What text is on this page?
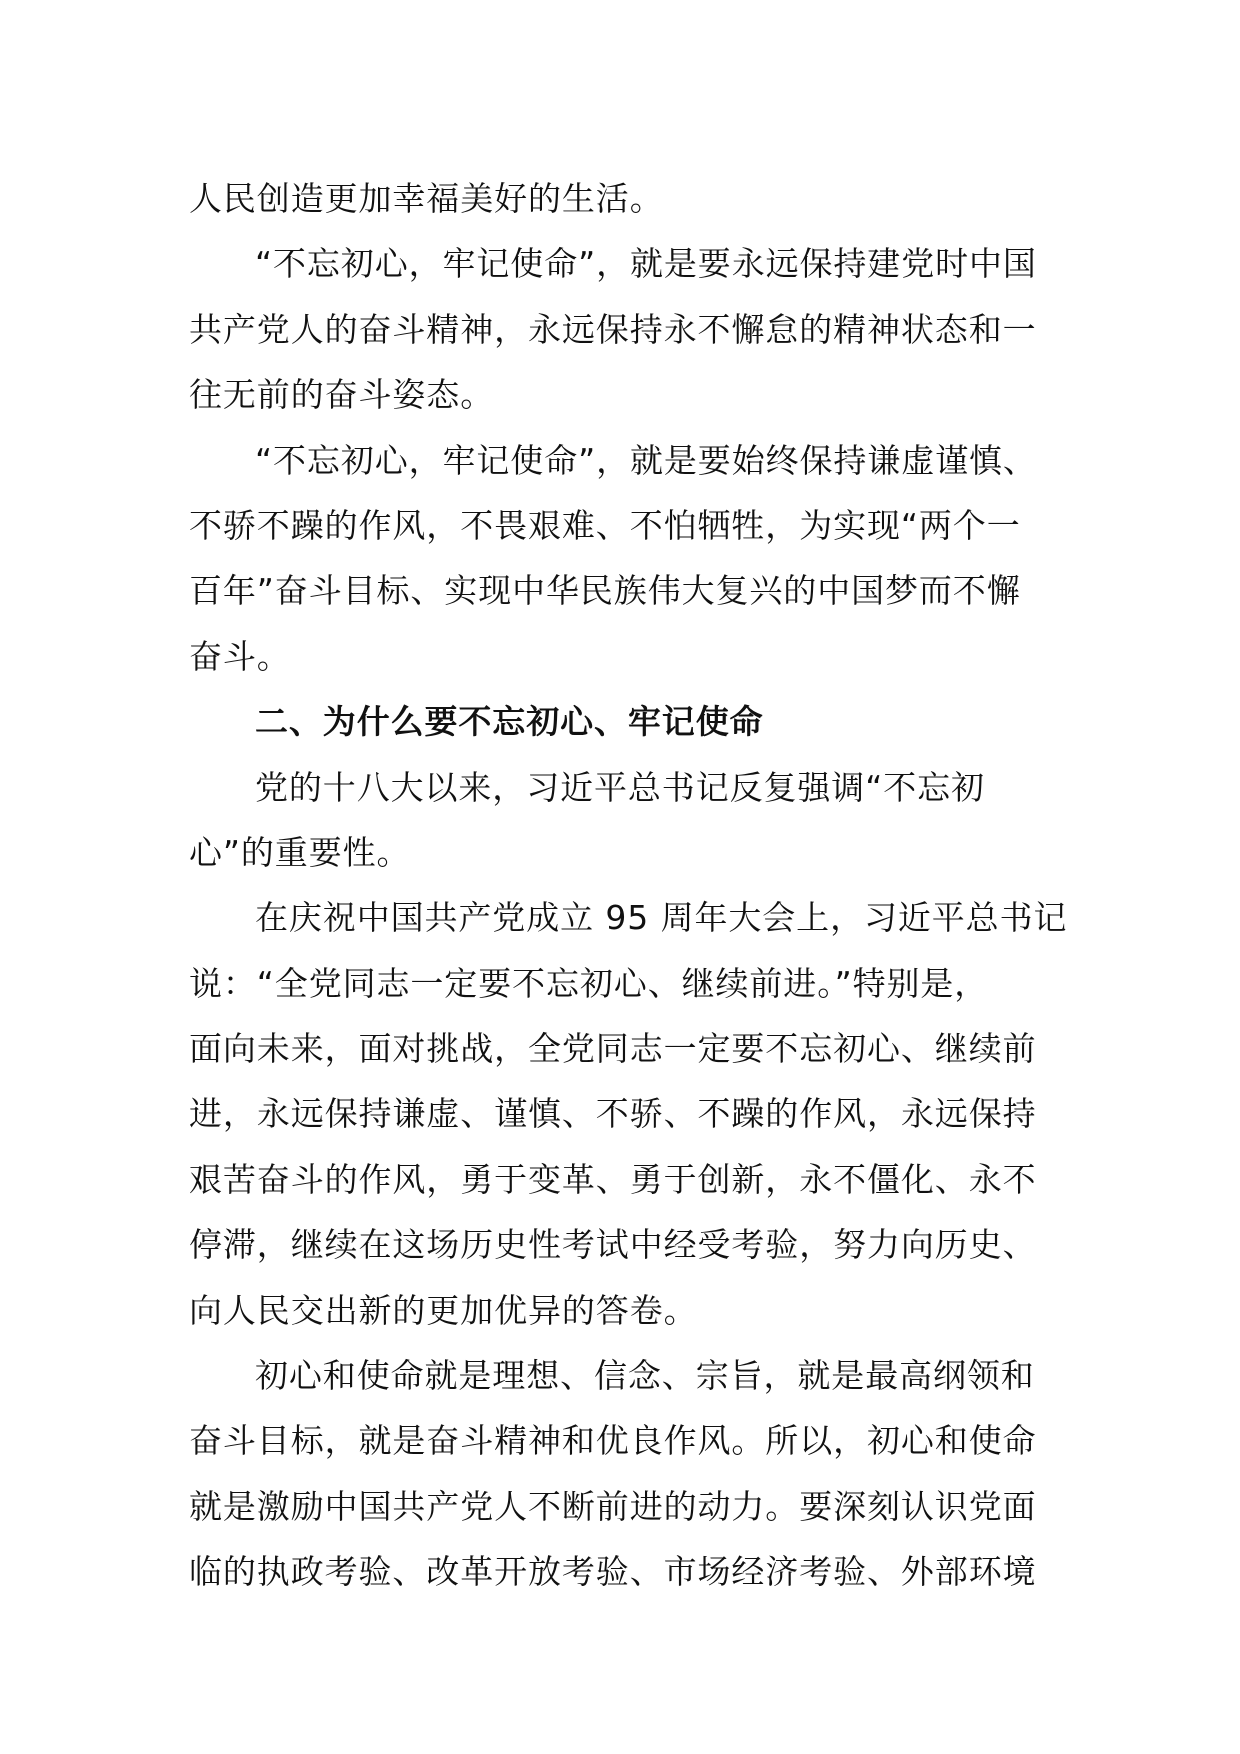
人民创造更加幸福美好的生活。
“不忘初心，牢记使命”，就是要永远保持建党时中国
共产党人的奋斗精神，永远保持永不懈怠的精神状态和一
往无前的奋斗姿态。
“不忘初心，牢记使命”，就是要始终保持谦虚谨慎、
不骄不躁的作风，不畏艰难、不怕牺牲，为实现“两个一
百年”奋斗目标、实现中华民族伟大复兴的中国梦而不懈
奋斗。
二、为什么要不忘初心、牢记使命
党的十八大以来，习近平总书记反复强调“不忘初
心”的重要性。
在庆祝中国共产党成立 95 周年大会上，习近平总书记
说：“全党同志一定要不忘初心、继续前进。”特别是，
面向未来，面对挑战，全党同志一定要不忘初心、继续前
进，永远保持谦虚、谨慎、不骄、不躁的作风，永远保持
艰苦奋斗的作风，勇于变革、勇于创新，永不僵化、永不
停滞，继续在这场历史性考试中经受考验，努力向历史、
向人民交出新的更加优异的答卷。
初心和使命就是理想、信念、宗旨，就是最高纲领和
奋斗目标，就是奋斗精神和优良作风。所以，初心和使命
就是激励中国共产党人不断前进的动力。要深刻认识党面
临的执政考验、改革开放考验、市场经济考验、外部环境
